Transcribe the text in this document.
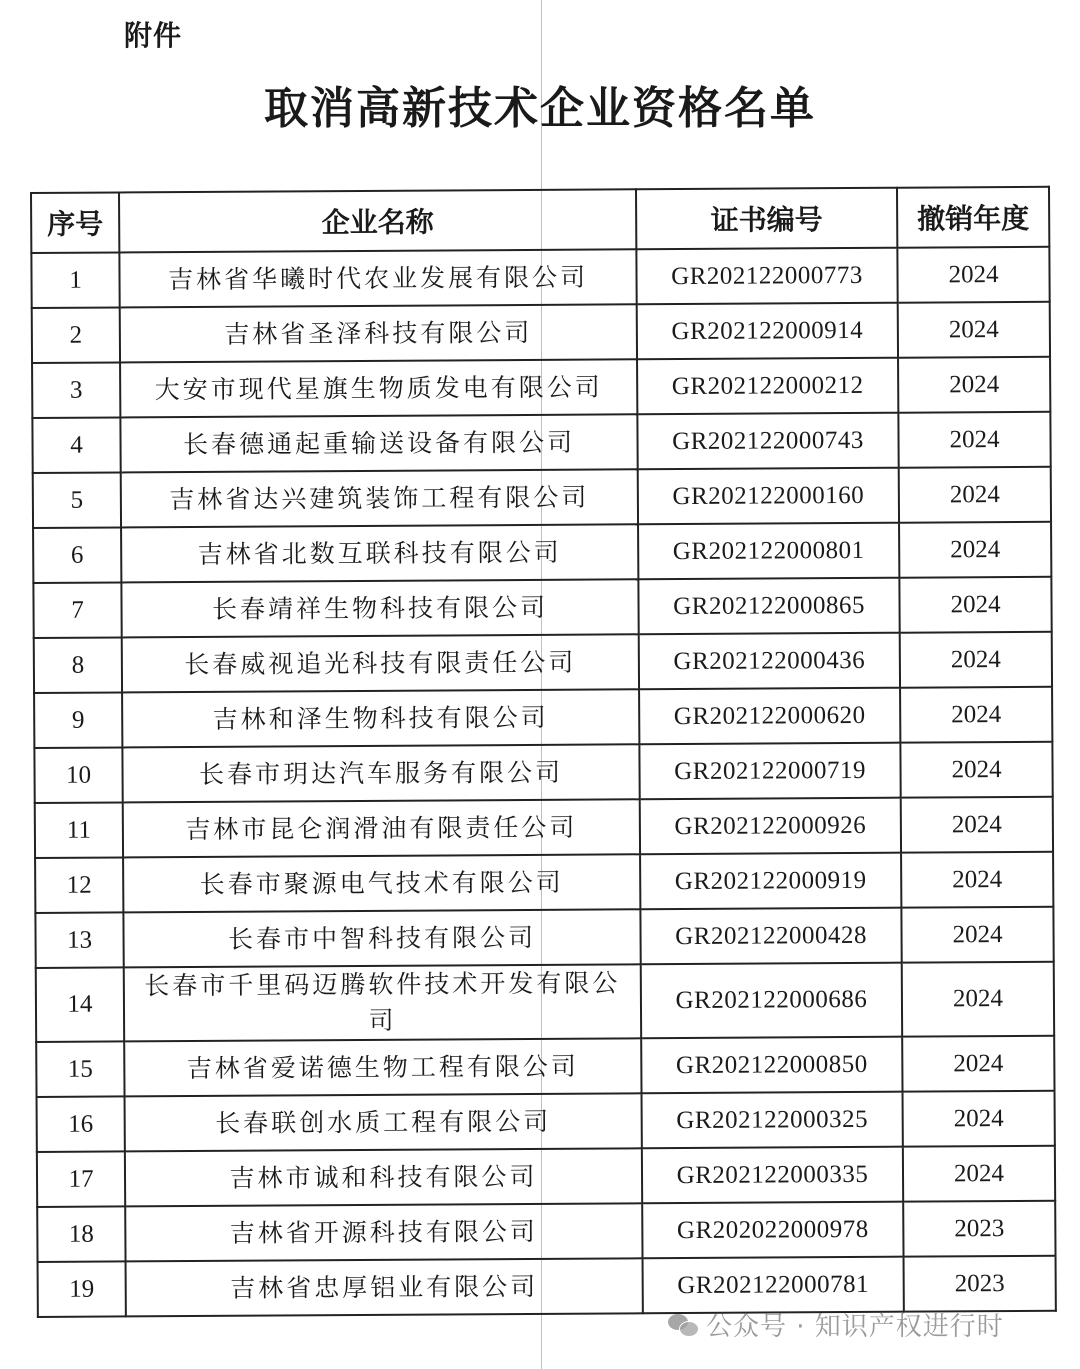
附件
取消高新技术企业资格名单
序号	企业名称	证书编号	撤销年度
1	吉林省华曦时代农业发展有限公司	GR202122000773	2024
2	吉林省圣泽科技有限公司	GR202122000914	2024
3	大安市现代星旗生物质发电有限公司	GR202122000212	2024
4	长春德通起重输送设备有限公司	GR202122000743	2024
5	吉林省达兴建筑装饰工程有限公司	GR202122000160	2024
6	吉林省北数互联科技有限公司	GR202122000801	2024
7	长春靖祥生物科技有限公司	GR202122000865	2024
8	长春威视追光科技有限责任公司	GR202122000436	2024
9	吉林和泽生物科技有限公司	GR202122000620	2024
10	长春市玥达汽车服务有限公司	GR202122000719	2024
11	吉林市昆仑润滑油有限责任公司	GR202122000926	2024
12	长春市聚源电气技术有限公司	GR202122000919	2024
13	长春市中智科技有限公司	GR202122000428	2024
14	长春市千里码迈腾软件技术开发有限公司	GR202122000686	2024
15	吉林省爱诺德生物工程有限公司	GR202122000850	2024
16	长春联创水质工程有限公司	GR202122000325	2024
17	吉林市诚和科技有限公司	GR202122000335	2024
18	吉林省开源科技有限公司	GR202022000978	2023
19	吉林省忠厚铝业有限公司	GR202122000781	2023
公众号 · 知识产权进行时
